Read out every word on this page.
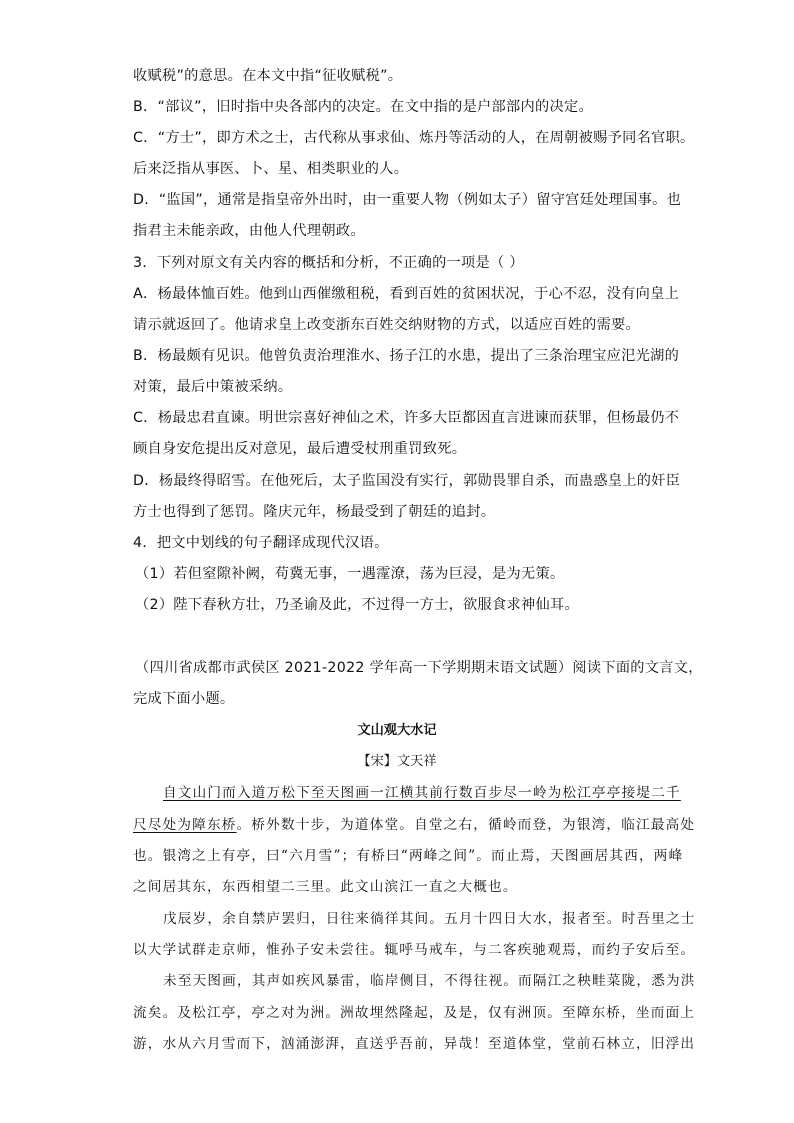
收赋税”的意思。在本文中指“征收赋税”。
B．“部议”，旧时指中央各部内的决定。在文中指的是户部部内的决定。
C．“方士”，即方术之士，古代称从事求仙、炼丹等活动的人，在周朝被赐予同名官职。
后来泛指从事医、卜、星、相类职业的人。
D．“监国”，通常是指皇帝外出时，由一重要人物（例如太子）留守宫廷处理国事。也
指君主未能亲政，由他人代理朝政。
3．下列对原文有关内容的概括和分析，不正确的一项是（ ）
A．杨最体恤百姓。他到山西催缴租税，看到百姓的贫困状况，于心不忍，没有向皇上
请示就返回了。他请求皇上改变浙东百姓交纳财物的方式，以适应百姓的需要。
B．杨最颇有见识。他曾负责治理淮水、扬子江的水患，提出了三条治理宝应汜光湖的
对策，最后中策被采纳。
C．杨最忠君直谏。明世宗喜好神仙之术，许多大臣都因直言进谏而获罪，但杨最仍不
顾自身安危提出反对意见，最后遭受杖刑重罚致死。
D．杨最终得昭雪。在他死后，太子监国没有实行，郭勋畏罪自杀，而蛊惑皇上的奸臣
方士也得到了惩罚。隆庆元年，杨最受到了朝廷的追封。
4．把文中划线的句子翻译成现代汉语。
（1）若但窒隙补阙，苟冀无事，一遇霪潦，荡为巨浸，是为无策。
（2）陛下春秋方壮，乃圣谕及此，不过得一方士，欲服食求神仙耳。
（四川省成都市武侯区 2021-2022 学年高一下学期期末语文试题）阅读下面的文言文，
完成下面小题。
文山观大水记
【宋】文天祥
自文山门而入道万松下至天图画一江横其前行数百步尽一岭为松江亭亭接堤二千
尺尽处为障东桥。桥外数十步，为道体堂。自堂之右，循岭而登，为银湾，临江最高处
也。银湾之上有亭，曰“六月雪”；有桥曰“两峰之间”。而止焉，天图画居其西，两峰
之间居其东，东西相望二三里。此文山滨江一直之大概也。
戊辰岁，余自禁庐罢归，日往来徜徉其间。五月十四日大水，报者至。时吾里之士
以大学试群走京师，惟孙子安未尝往。辄呼马戒车，与二客疾驰观焉，而约子安后至。
未至天图画，其声如疾风暴雷，临岸侧目，不得往视。而隔江之秧畦菜陇，悉为洪
流矣。及松江亭，亭之对为洲。洲故埋然隆起，及是，仅有洲顶。至障东桥，坐而面上
游，水从六月雪而下，汹涌澎湃，直送乎吾前，异哉！至道体堂，堂前石林立，旧浮出
